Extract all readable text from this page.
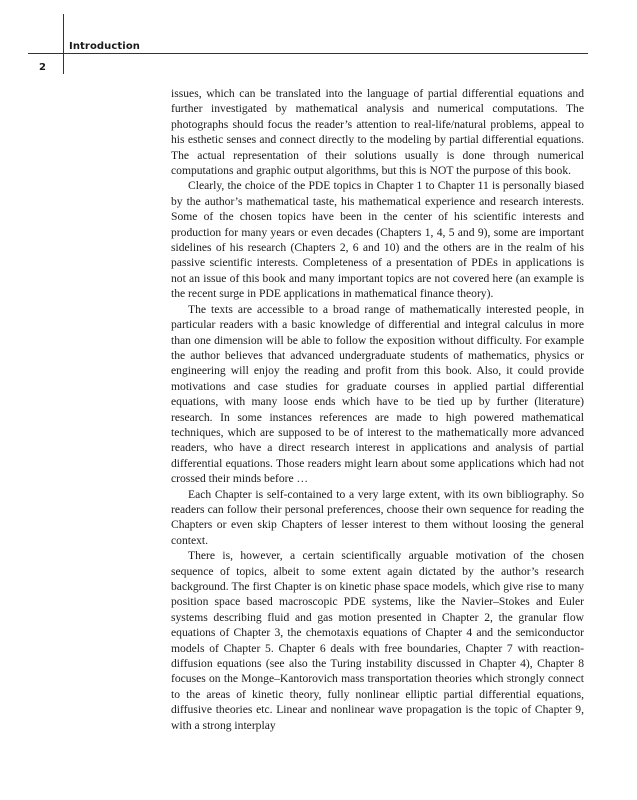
Introduction
2

issues, which can be translated into the language of partial differential equations and further investigated by mathematical analysis and numerical computations. The photographs should focus the reader’s attention to real-life/natural problems, appeal to his esthetic senses and connect directly to the modeling by partial differential equations. The actual representation of their solutions usually is done through numerical computations and graphic output algorithms, but this is NOT the purpose of this book.

Clearly, the choice of the PDE topics in Chapter 1 to Chapter 11 is personally biased by the author’s mathematical taste, his mathematical experience and research interests. Some of the chosen topics have been in the center of his scientific interests and production for many years or even decades (Chapters 1, 4, 5 and 9), some are important sidelines of his research (Chapters 2, 6 and 10) and the others are in the realm of his passive scientific interests. Completeness of a presentation of PDEs in applications is not an issue of this book and many important topics are not covered here (an example is the recent surge in PDE applications in mathematical finance theory).

The texts are accessible to a broad range of mathematically interested people, in particular readers with a basic knowledge of differential and integral calculus in more than one dimension will be able to follow the exposition without difficulty. For example the author believes that advanced undergraduate students of mathematics, physics or engineering will enjoy the reading and profit from this book. Also, it could provide motivations and case studies for graduate courses in applied partial differential equations, with many loose ends which have to be tied up by further (literature) research. In some instances references are made to high powered mathematical techniques, which are supposed to be of interest to the mathematically more advanced readers, who have a direct research interest in applications and analysis of partial differential equations. Those readers might learn about some applications which had not crossed their minds before …

Each Chapter is self-contained to a very large extent, with its own bibliography. So readers can follow their personal preferences, choose their own sequence for reading the Chapters or even skip Chapters of lesser interest to them without loosing the general context.

There is, however, a certain scientifically arguable motivation of the chosen sequence of topics, albeit to some extent again dictated by the author’s research background. The first Chapter is on kinetic phase space models, which give rise to many position space based macroscopic PDE systems, like the Navier–Stokes and Euler systems describing fluid and gas motion presented in Chapter 2, the granular flow equations of Chapter 3, the chemotaxis equations of Chapter 4 and the semiconductor models of Chapter 5. Chapter 6 deals with free boundaries, Chapter 7 with reaction-diffusion equations (see also the Turing instability discussed in Chapter 4), Chapter 8 focuses on the Monge–Kantorovich mass transportation theories which strongly connect to the areas of kinetic theory, fully nonlinear elliptic partial differential equations, diffusive theories etc. Linear and nonlinear wave propagation is the topic of Chapter 9, with a strong interplay
